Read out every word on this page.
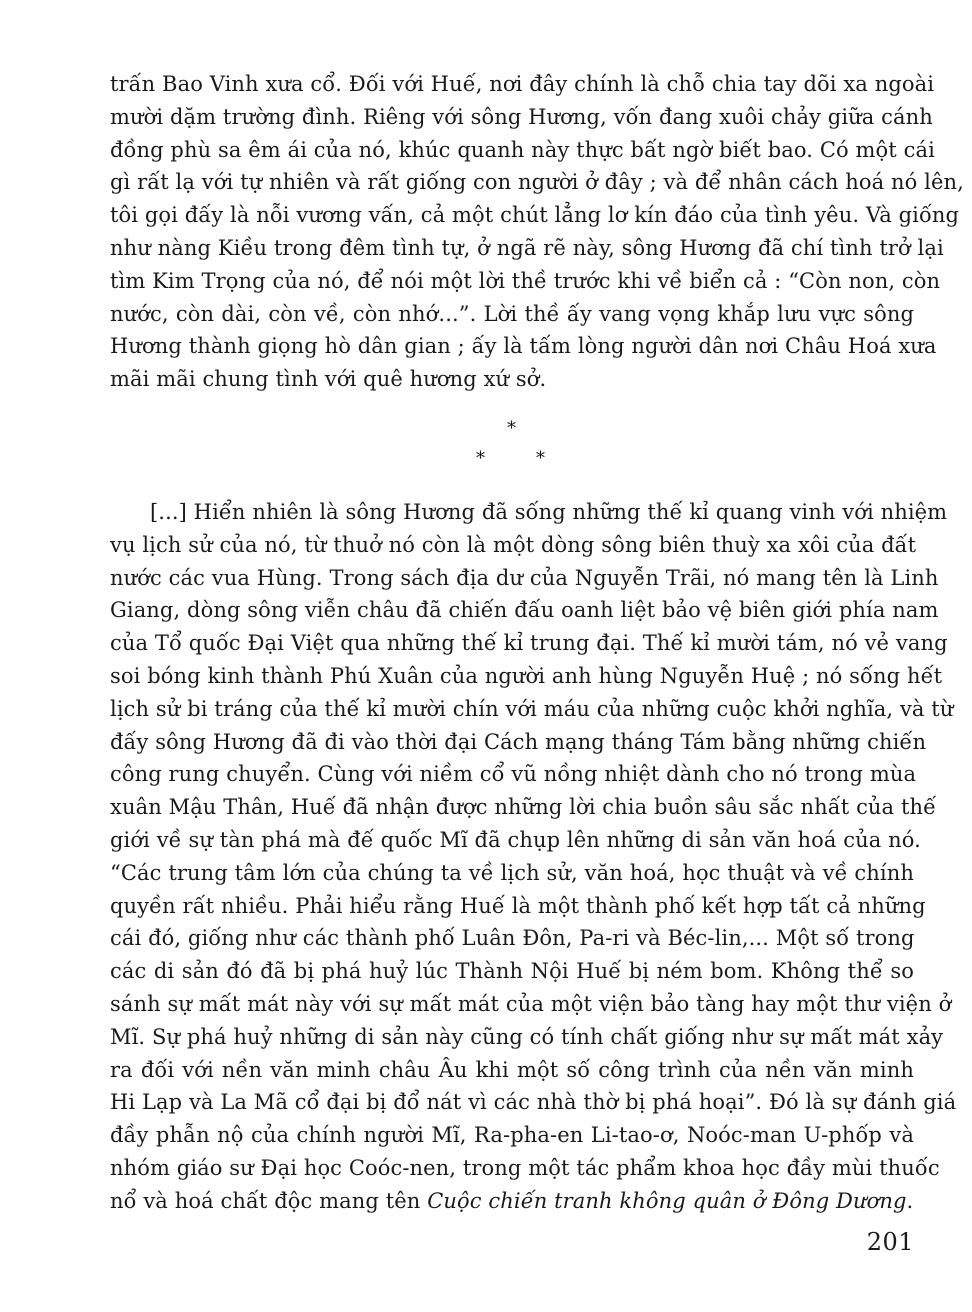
trấn Bao Vinh xưa cổ. Đối với Huế, nơi đây chính là chỗ chia tay dõi xa ngoài
mười dặm trường đình. Riêng với sông Hương, vốn đang xuôi chảy giữa cánh
đồng phù sa êm ái của nó, khúc quanh này thực bất ngờ biết bao. Có một cái
gì rất lạ với tự nhiên và rất giống con người ở đây ; và để nhân cách hoá nó lên,
tôi gọi đấy là nỗi vương vấn, cả một chút lẳng lơ kín đáo của tình yêu. Và giống
như nàng Kiều trong đêm tình tự, ở ngã rẽ này, sông Hương đã chí tình trở lại
tìm Kim Trọng của nó, để nói một lời thề trước khi về biển cả : “Còn non, còn
nước, còn dài, còn về, còn nhớ...”. Lời thề ấy vang vọng khắp lưu vực sông
Hương thành giọng hò dân gian ; ấy là tấm lòng người dân nơi Châu Hoá xưa
mãi mãi chung tình với quê hương xứ sở.
*
*	*
[...] Hiển nhiên là sông Hương đã sống những thế kỉ quang vinh với nhiệm
vụ lịch sử của nó, từ thuở nó còn là một dòng sông biên thuỳ xa xôi của đất
nước các vua Hùng. Trong sách địa dư của Nguyễn Trãi, nó mang tên là Linh
Giang, dòng sông viễn châu đã chiến đấu oanh liệt bảo vệ biên giới phía nam
của Tổ quốc Đại Việt qua những thế kỉ trung đại. Thế kỉ mười tám, nó vẻ vang
soi bóng kinh thành Phú Xuân của người anh hùng Nguyễn Huệ ; nó sống hết
lịch sử bi tráng của thế kỉ mười chín với máu của những cuộc khởi nghĩa, và từ
đấy sông Hương đã đi vào thời đại Cách mạng tháng Tám bằng những chiến
công rung chuyển. Cùng với niềm cổ vũ nồng nhiệt dành cho nó trong mùa
xuân Mậu Thân, Huế đã nhận được những lời chia buồn sâu sắc nhất của thế
giới về sự tàn phá mà đế quốc Mĩ đã chụp lên những di sản văn hoá của nó.
“Các trung tâm lớn của chúng ta về lịch sử, văn hoá, học thuật và về chính
quyền rất nhiều. Phải hiểu rằng Huế là một thành phố kết hợp tất cả những
cái đó, giống như các thành phố Luân Đôn, Pa-ri và Béc-lin,... Một số trong
các di sản đó đã bị phá huỷ lúc Thành Nội Huế bị ném bom. Không thể so
sánh sự mất mát này với sự mất mát của một viện bảo tàng hay một thư viện ở
Mĩ. Sự phá huỷ những di sản này cũng có tính chất giống như sự mất mát xảy
ra đối với nền văn minh châu Âu khi một số công trình của nền văn minh
Hi Lạp và La Mã cổ đại bị đổ nát vì các nhà thờ bị phá hoại”. Đó là sự đánh giá
đầy phẫn nộ của chính người Mĩ, Ra-pha-en Li-tao-ơ, Noóc-man U-phốp và
nhóm giáo sư Đại học Coóc-nen, trong một tác phẩm khoa học đầy mùi thuốc
nổ và hoá chất độc mang tên Cuộc chiến tranh không quân ở Đông Dương.
201
